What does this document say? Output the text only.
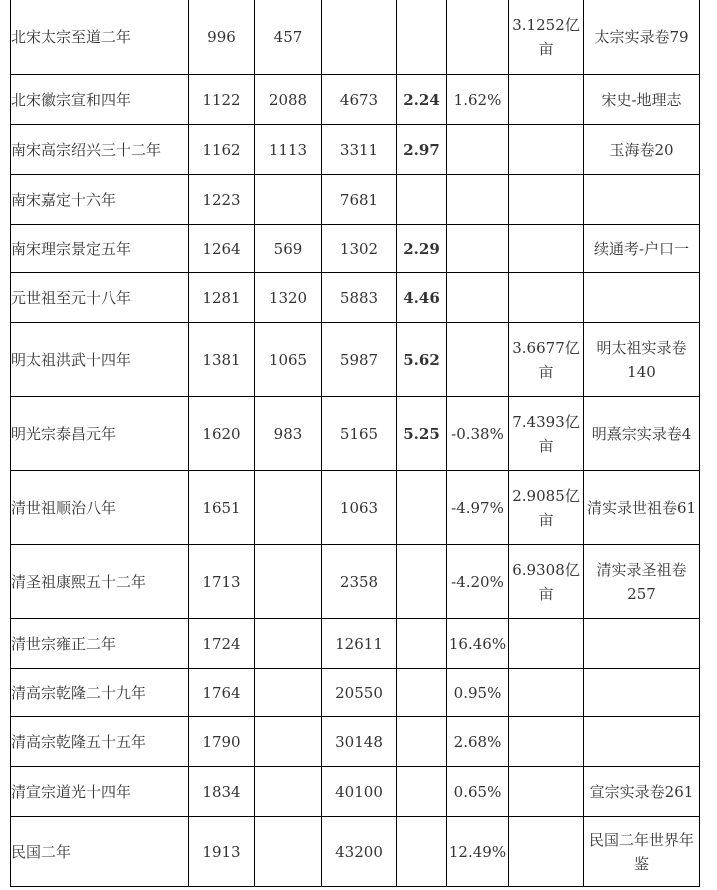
北宋太宗至道二年	996	457				3.1252亿亩	太宗实录卷79
北宋徽宗宣和四年	1122	2088	4673	2.24	1.62%		宋史-地理志
南宋高宗绍兴三十二年	1162	1113	3311	2.97			玉海卷20
南宋嘉定十六年	1223		7681				
南宋理宗景定五年	1264	569	1302	2.29			续通考-户口一
元世祖至元十八年	1281	1320	5883	4.46			
明太祖洪武十四年	1381	1065	5987	5.62		3.6677亿亩	明太祖实录卷140
明光宗泰昌元年	1620	983	5165	5.25	-0.38%	7.4393亿亩	明熹宗实录卷4
清世祖顺治八年	1651		1063		-4.97%	2.9085亿亩	清实录世祖卷61
清圣祖康熙五十二年	1713		2358		-4.20%	6.9308亿亩	清实录圣祖卷257
清世宗雍正二年	1724		12611		16.46%		
清高宗乾隆二十九年	1764		20550		0.95%		
清高宗乾隆五十五年	1790		30148		2.68%		
清宣宗道光十四年	1834		40100		0.65%		宣宗实录卷261
民国二年	1913		43200		12.49%		民国二年世界年鉴
